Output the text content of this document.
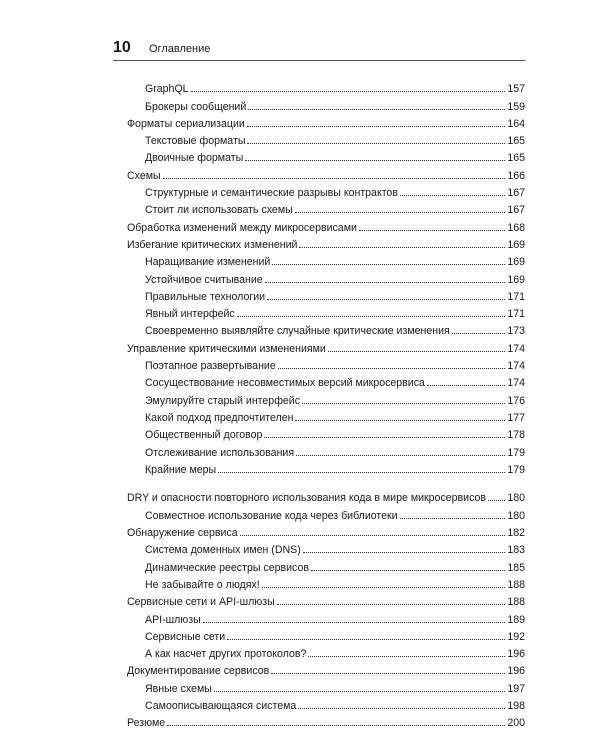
10 Оглавление
GraphQL	157
Брокеры сообщений	159
Форматы сериализации	164
Текстовые форматы	165
Двоичные форматы	165
Схемы	166
Структурные и семантические разрывы контрактов	167
Стоит ли использовать схемы	167
Обработка изменений между микросервисами	168
Избегание критических изменений	169
Наращивание изменений	169
Устойчивое считывание	169
Правильные технологии	171
Явный интерфейс	171
Своевременно выявляйте случайные критические изменения	173
Управление критическими изменениями	174
Поэтапное развертывание	174
Сосуществование несовместимых версий микросервиса	174
Эмулируйте старый интерфейс	176
Какой подход предпочтителен	177
Общественный договор	178
Отслеживание использования	179
Крайние меры	179
DRY и опасности повторного использования кода в мире микросервисов 180
Совместное использование кода через библиотеки	180
Обнаружение сервиса	182
Система доменных имен (DNS)	183
Динамические реестры сервисов	185
Не забывайте о людях!	188
Сервисные сети и API-шлюзы	188
API-шлюзы	189
Сервисные сети	192
А как насчет других протоколов?	196
Документирование сервисов	196
Явные схемы	197
Самоописывающаяся система	198
Резюме	200
